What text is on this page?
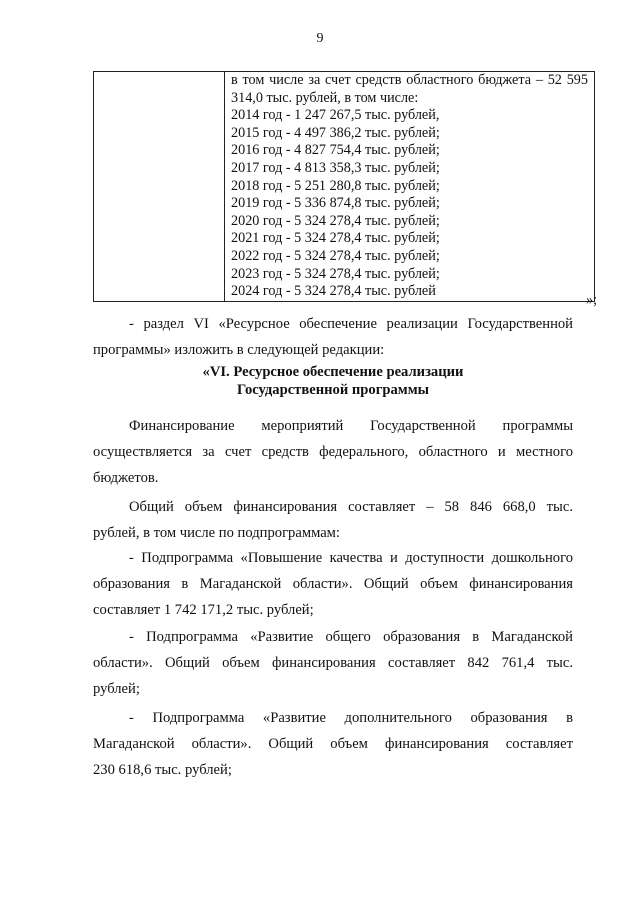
9

в том числе за счет средств областного бюджета – 52 595 314,0 тыс. рублей, в том числе:
2014 год - 1 247 267,5 тыс. рублей,
2015 год - 4 497 386,2 тыс. рублей;
2016 год - 4 827 754,4 тыс. рублей;
2017 год - 4 813 358,3 тыс. рублей;
2018 год - 5 251 280,8 тыс. рублей;
2019 год - 5 336 874,8 тыс. рублей;
2020 год - 5 324 278,4 тыс. рублей;
2021 год - 5 324 278,4 тыс. рублей;
2022 год - 5 324 278,4 тыс. рублей;
2023 год - 5 324 278,4 тыс. рублей;
2024 год - 5 324 278,4 тыс. рублей
»;
- раздел VI «Ресурсное обеспечение реализации Государственной
программы» изложить в следующей редакции:
«VI. Ресурсное обеспечение реализации
Государственной программы
Финансирование мероприятий Государственной программы
осуществляется за счет средств федерального, областного и местного
бюджетов.
Общий объем финансирования составляет – 58 846 668,0 тыс.
рублей, в том числе по подпрограммам:
- Подпрограмма «Повышение качества и доступности дошкольного
образования в Магаданской области». Общий объем финансирования
составляет 1 742 171,2 тыс. рублей;
- Подпрограмма «Развитие общего образования в Магаданской
области». Общий объем финансирования составляет 842 761,4 тыс.
рублей;
- Подпрограмма «Развитие дополнительного образования в
Магаданской области». Общий объем финансирования составляет
230 618,6 тыс. рублей;
